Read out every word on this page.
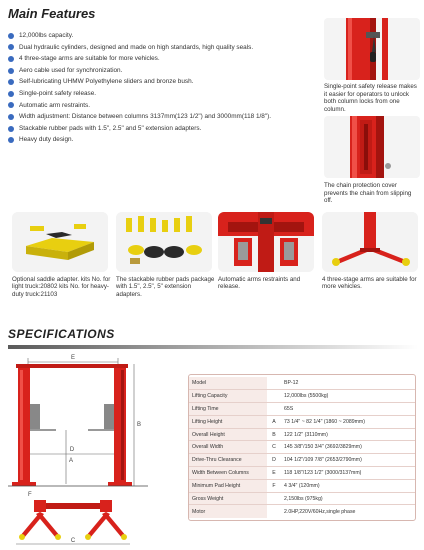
Main Features
12,000lbs capacity.
Dual hydraulic cylinders, designed and made on high standards, high quality seals.
4 three-stage arms are suitable for more vehicles.
Aero cable used for synchronization.
Self-lubricating UHMW Polyethylene sliders and bronze bush.
Single-point safety release.
Automatic arm restraints.
Width adjustment: Distance between columns 3137mm(123 1/2") and 3000mm(118 1/8").
Stackable rubber pads with 1.5", 2.5" and 5" extension adapters.
Heavy duty design.
Single-point safety release makes it easier for operators to unlock both column locks from one column.
The chain protection cover prevents the chain from slipping off.
Optional saddle adapter. kits No. for light truck:20802 kits No. for heavy-duty truck:21103
The stackable rubber pads package with 1.5", 2.5", 5" extension adapters.
Automatic arms restraints and release.
4 three-stage arms are suitable for more vehicles.
SPECIFICATIONS
E
D
A
B
C
F
Model		BP-12
Lifting Capacity		12,000lbs (5500kg)
Lifting Time		65S
Lifting Height	A	73 1/4" ~ 82 1/4" (1860 ~ 2089mm)
Overall Height	B	122 1/2" (3110mm)
Overall Width	C	145 3/8"/150 3/4" (3692/3829mm)
Drive-Thru Clearance	D	104 1/2"/109 7/8" (2653/2790mm)
Width Between Columns	E	118 1/8"/123 1/2" (3000/3137mm)
Minimum Pad Height	F	4 3/4" (120mm)
Gross Weight		2,150lbs (975kg)
Motor		2.0HP,220V/60Hz,single phase
